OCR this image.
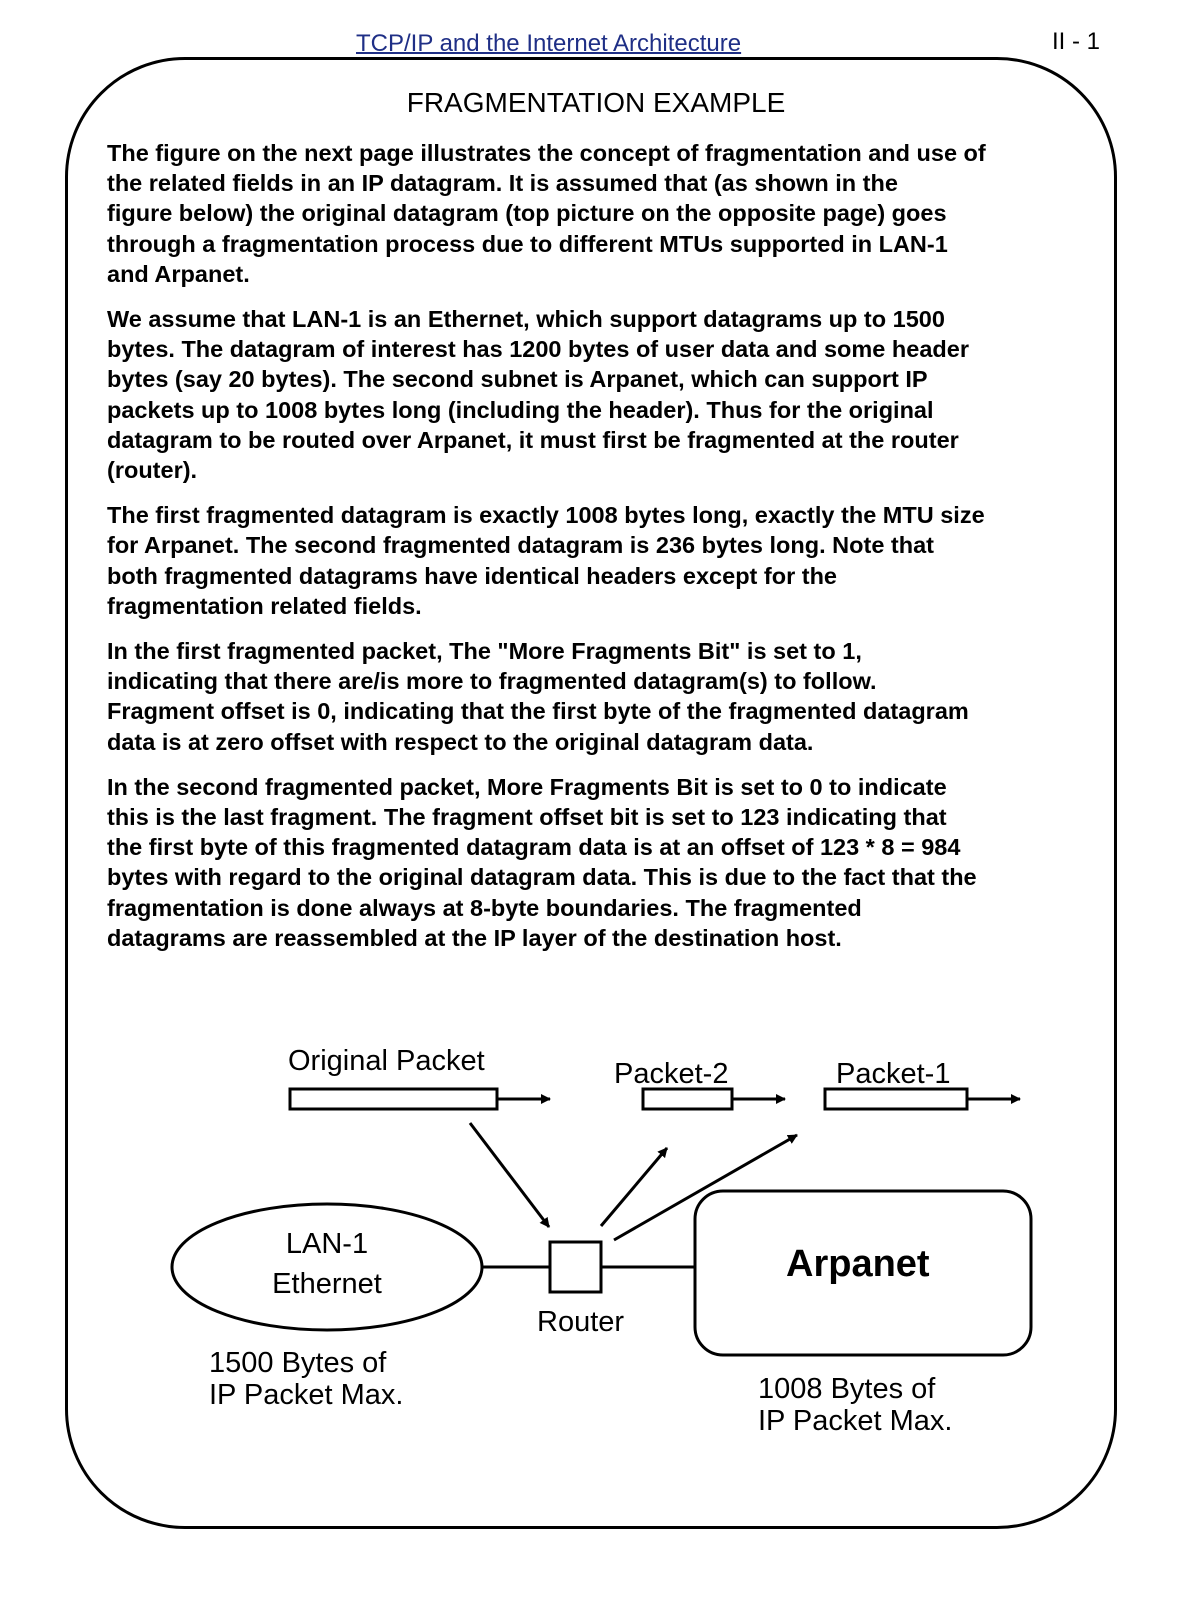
TCP/IP and the Internet Architecture	II - 1
FRAGMENTATION EXAMPLE

The figure on the next page illustrates the concept of fragmentation and use of
the related fields in an IP datagram. It is assumed that (as shown in the
figure below) the original datagram (top picture on the opposite page) goes
through a fragmentation process due to different MTUs supported in LAN-1
and Arpanet.

We assume that LAN-1 is an Ethernet, which support datagrams up to 1500
bytes. The datagram of interest has 1200 bytes of user data and some header
bytes (say 20 bytes). The second subnet is Arpanet, which can support IP
packets up to 1008 bytes long (including the header). Thus for the original
datagram to be routed over Arpanet, it must first be fragmented at the router
(router).

The first fragmented datagram is exactly 1008 bytes long, exactly the MTU size
for Arpanet. The second fragmented datagram is 236 bytes long. Note that
both fragmented datagrams have identical headers except for the
fragmentation related fields.

In the first fragmented packet, The "More Fragments Bit" is set to 1,
indicating that there are/is more to fragmented datagram(s) to follow.
Fragment offset is 0, indicating that the first byte of the fragmented datagram
data is at zero offset with respect to the original datagram data.

In the second fragmented packet, More Fragments Bit is set to 0 to indicate
this is the last fragment. The fragment offset bit is set to 123 indicating that
the first byte of this fragmented datagram data is at an offset of 123 * 8 = 984
bytes with regard to the original datagram data. This is due to the fact that the
fragmentation is done always at 8-byte boundaries. The fragmented
datagrams are reassembled at the IP layer of the destination host.

Original Packet	Packet-2	Packet-1
LAN-1
Ethernet
Router
Arpanet
1500 Bytes of
IP Packet Max.	1008 Bytes of
IP Packet Max.
